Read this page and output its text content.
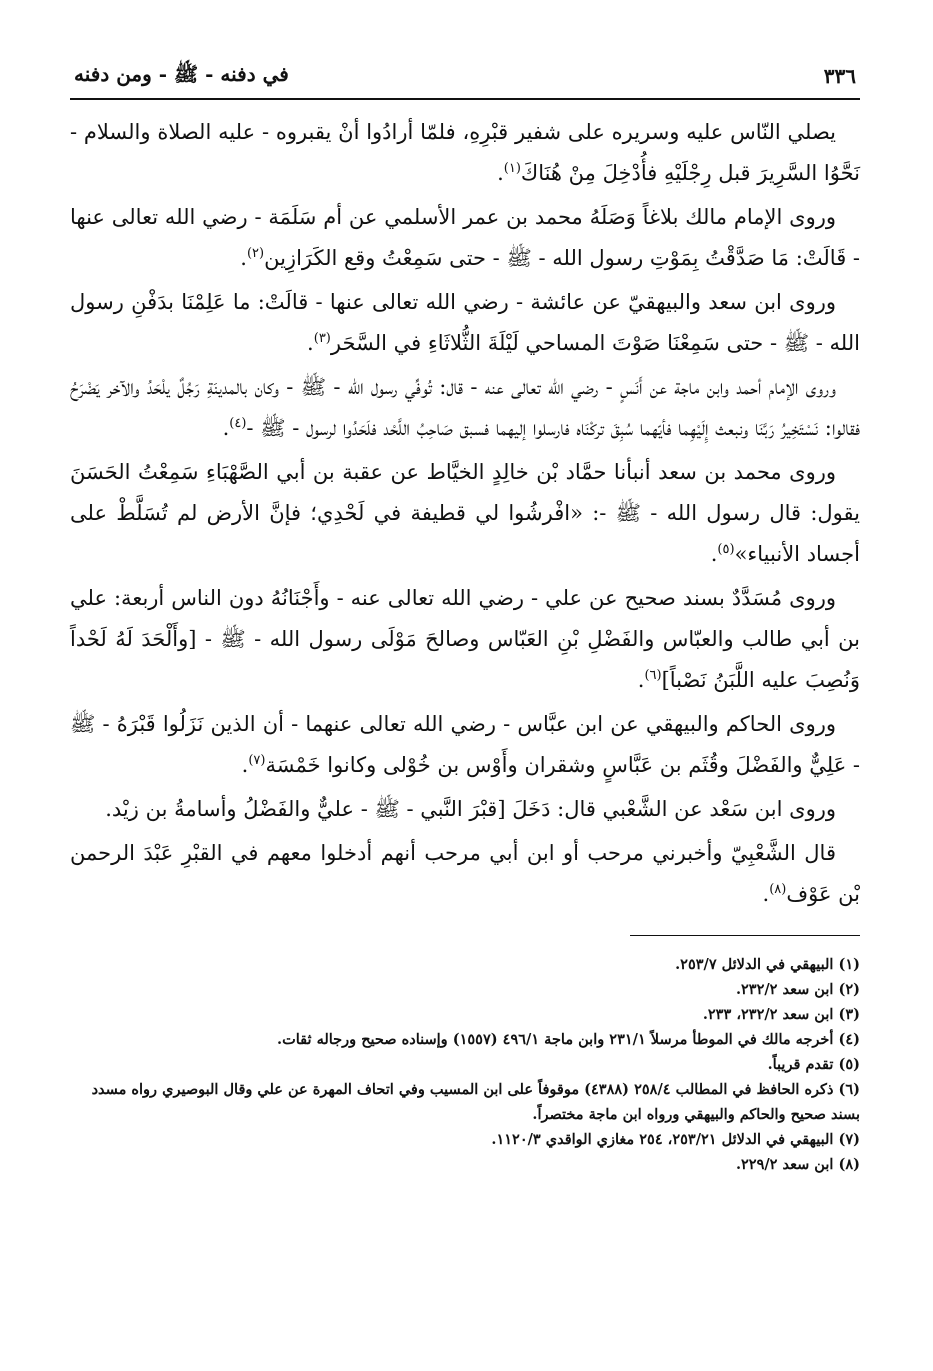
٣٣٦
في دفنه - ﷺ - ومن دفنه

يصلي النّاس عليه وسريره على شفير قبْرِهِ، فلمّا أرادُوا أنْ يقبروه - عليه الصلاة والسلام - نَحَّوُا السَّرِيرَ قبل رِجْلَيْهِ فأُدْخِلَ مِنْ هُنَاكَ$^{(١)}$.

وروى الإمام مالك بلاغاً وَصَلَهُ محمد بن عمر الأسلمي عن أم سَلَمَة - رضي الله تعالى عنها - قَالَتْ: مَا صَدَّقْتُ بِمَوْتِ رسول الله - ﷺ - حتى سَمِعْتُ وقع الكَرَازِين$^{(٢)}$.

وروى ابن سعد والبيهقيّ عن عائشة - رضي الله تعالى عنها - قالَتْ: ما عَلِمْنَا بدَفْنِ رسول الله - ﷺ - حتى سَمِعْنَا صَوْتَ المساحي لَيْلَةَ الثُّلاثَاءِ في السَّحَر$^{(٣)}$.

وروى الإمام أحمد وابن ماجة عن أَنَسٍ - رضي الله تعالى عنه - قال: تُوفِّي رسول الله - ﷺ - وكان بالمدينَةِ رَجُلٌ يلْحَدُ والآخر يَضْرَحُ فقالوا: نَسْتَخِيرُ رَبَّنَا ونبعث إِلَيْهِما فأيّهما سُبِقَ تركْنَاه فارسلوا إليهما فسبق صَاحِبُ اللَّحْد فلَحَدُوا لرسول - ﷺ -$^{(٤)}$.

وروى محمد بن سعد أنبأنا حمَّاد بْن خالِدٍ الخيَّاط عن عقبة بن أبي الصَّهْبَاءِ سَمِعْتُ الحَسَنَ يقول: قال رسول الله - ﷺ -: «افْرشُوا لي قطيفة في لَحْدِي؛ فإنَّ الأرض لم تُسَلَّطْ على أجساد الأنبياء»$^{(٥)}$.

وروى مُسَدَّدٌ بسند صحيح عن علي - رضي الله تعالى عنه - وأَجْنَانُهُ دون الناس أربعة: علي بن أبي طالب والعبّاس والفَضْلِ بْنِ العَبّاس وصالحَ مَوْلَى رسول الله - ﷺ - [وأَلْحَدَ لَهُ لَحْداً وَنُصِبَ عليه اللَّبَنُ نَصْباً]$^{(٦)}$.

وروى الحاكم والبيهقي عن ابن عبَّاس - رضي الله تعالى عنهما - أن الذين نَزَلُوا قَبْرَهُ - ﷺ - عَلِيٌّ والفَضْلَ وقُثَم بن عَبَّاسٍ وشقران وأَوْس بن خُوْلى وكانوا خَمْسَة$^{(٧)}$.

وروى ابن سَعْد عن الشَّعْبي قال: دَخَلَ [قبْرَ النَّبي - ﷺ - عليٌّ والفَضْلُ وأسامةُ بن زيْد.

قال الشَّعْبِيّ وأخبرني مرحب أو ابن أبي مرحب أنهم أدخلوا معهم في القبْرِ عَبْدَ الرحمن بْن عَوْف$^{(٨)}$.

(١) البيهقي في الدلائل ٢٥٣/٧.

(٢) ابن سعد ٢٣٢/٢.

(٣) ابن سعد ٢٣٢/٢، ٢٣٣.

(٤) أخرجه مالك في الموطأ مرسلاً ٢٣١/١ وابن ماجة ٤٩٦/١ (١٥٥٧) وإسناده صحيح ورجاله ثقات.

(٥) تقدم قريباً.

(٦) ذكره الحافظ في المطالب ٢٥٨/٤ (٤٣٨٨) موقوفاً على ابن المسيب وفي اتحاف المهرة عن علي وقال البوصيري رواه مسدد بسند صحيح والحاكم والبيهقي ورواه ابن ماجة مختصراً.

(٧) البيهقي في الدلائل ٢٥٣/٢١، ٢٥٤ مغازي الواقدي ١١٢٠/٣.

(٨) ابن سعد ٢٢٩/٢.
